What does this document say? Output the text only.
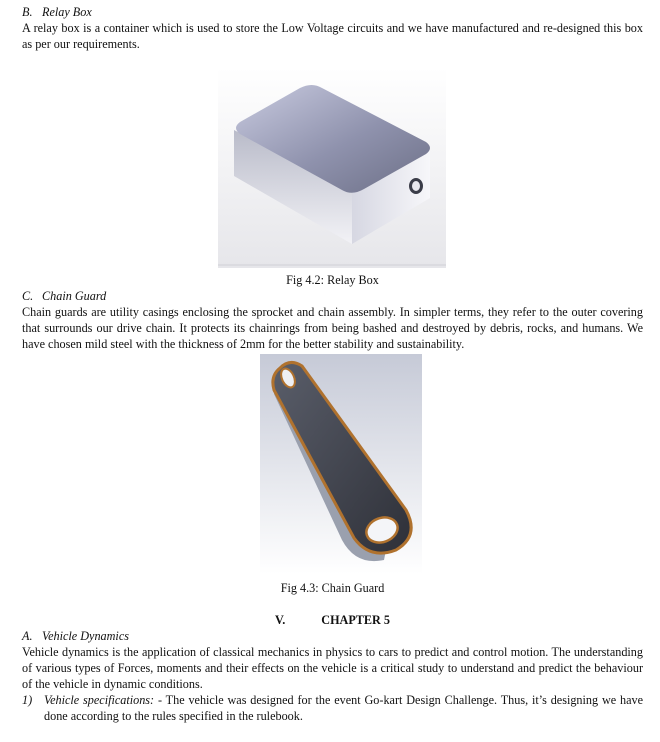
B. Relay Box

A relay box is a container which is used to store the Low Voltage circuits and we have manufactured and re-designed this box as per our requirements.

Fig 4.2: Relay Box

C. Chain Guard

Chain guards are utility casings enclosing the sprocket and chain assembly. In simpler terms, they refer to the outer covering that surrounds our drive chain. It protects its chainrings from being bashed and destroyed by debris, rocks, and humans. We have chosen mild steel with the thickness of 2mm for the better stability and sustainability.

Fig 4.3: Chain Guard

V.	CHAPTER 5

A. Vehicle Dynamics

Vehicle dynamics is the application of classical mechanics in physics to cars to predict and control motion. The understanding of various types of Forces, moments and their effects on the vehicle is a critical study to understand and predict the behaviour of the vehicle in dynamic conditions.

1) Vehicle specifications: - The vehicle was designed for the event Go-kart Design Challenge. Thus, it’s designing we have done according to the rules specified in the rulebook.
